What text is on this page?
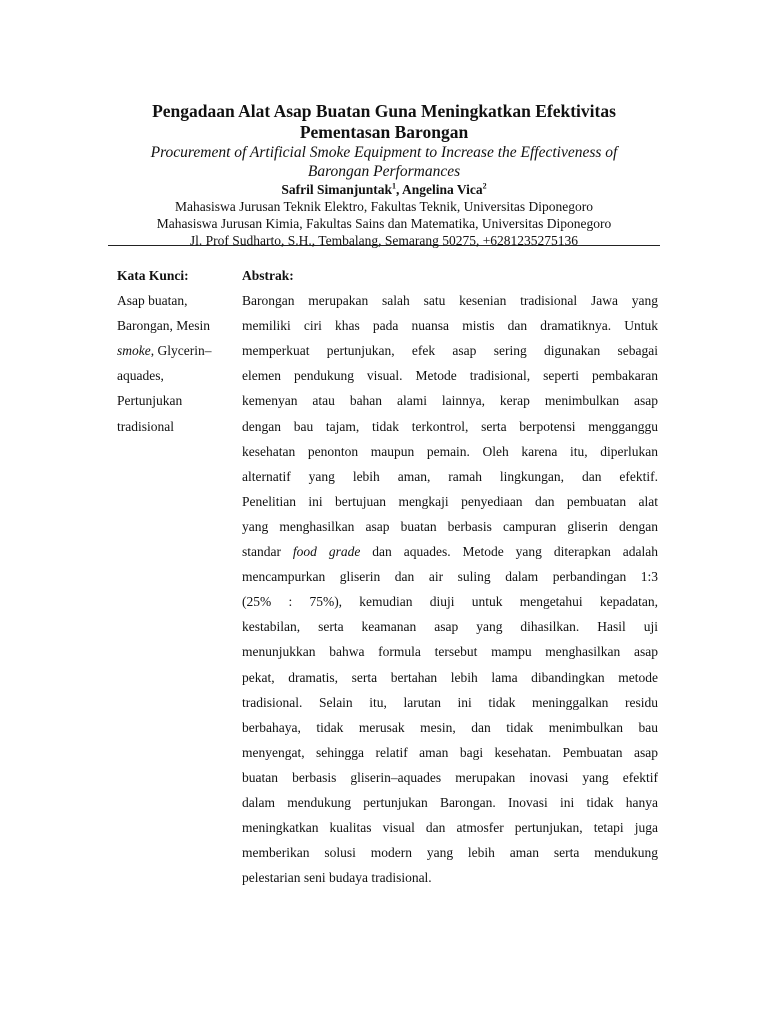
Pengadaan Alat Asap Buatan Guna Meningkatkan Efektivitas
Pementasan Barongan

Procurement of Artificial Smoke Equipment to Increase the Effectiveness of
Barongan Performances

Safril Simanjuntak$^1$, Angelina Vica$^2$

Mahasiswa Jurusan Teknik Elektro, Fakultas Teknik, Universitas Diponegoro

Mahasiswa Jurusan Kimia, Fakultas Sains dan Matematika, Universitas Diponegoro

Jl. Prof Sudharto, S.H., Tembalang, Semarang 50275, +6281235275136

Kata Kunci:
Asap buatan,
Barongan, Mesin
smoke, Glycerin–
aquades,
Pertunjukan
tradisional
Abstrak:
Barongan merupakan salah satu kesenian tradisional Jawa yang
memiliki ciri khas pada nuansa mistis dan dramatiknya. Untuk
memperkuat pertunjukan, efek asap sering digunakan sebagai
elemen pendukung visual. Metode tradisional, seperti pembakaran
kemenyan atau bahan alami lainnya, kerap menimbulkan asap
dengan bau tajam, tidak terkontrol, serta berpotensi mengganggu
kesehatan penonton maupun pemain. Oleh karena itu, diperlukan
alternatif yang lebih aman, ramah lingkungan, dan efektif.
Penelitian ini bertujuan mengkaji penyediaan dan pembuatan alat
yang menghasilkan asap buatan berbasis campuran gliserin dengan
standar food grade dan aquades. Metode yang diterapkan adalah
mencampurkan gliserin dan air suling dalam perbandingan 1:3
(25% : 75%), kemudian diuji untuk mengetahui kepadatan,
kestabilan, serta keamanan asap yang dihasilkan. Hasil uji
menunjukkan bahwa formula tersebut mampu menghasilkan asap
pekat, dramatis, serta bertahan lebih lama dibandingkan metode
tradisional. Selain itu, larutan ini tidak meninggalkan residu
berbahaya, tidak merusak mesin, dan tidak menimbulkan bau
menyengat, sehingga relatif aman bagi kesehatan. Pembuatan asap
buatan berbasis gliserin–aquades merupakan inovasi yang efektif
dalam mendukung pertunjukan Barongan. Inovasi ini tidak hanya
meningkatkan kualitas visual dan atmosfer pertunjukan, tetapi juga
memberikan solusi modern yang lebih aman serta mendukung
pelestarian seni budaya tradisional.
